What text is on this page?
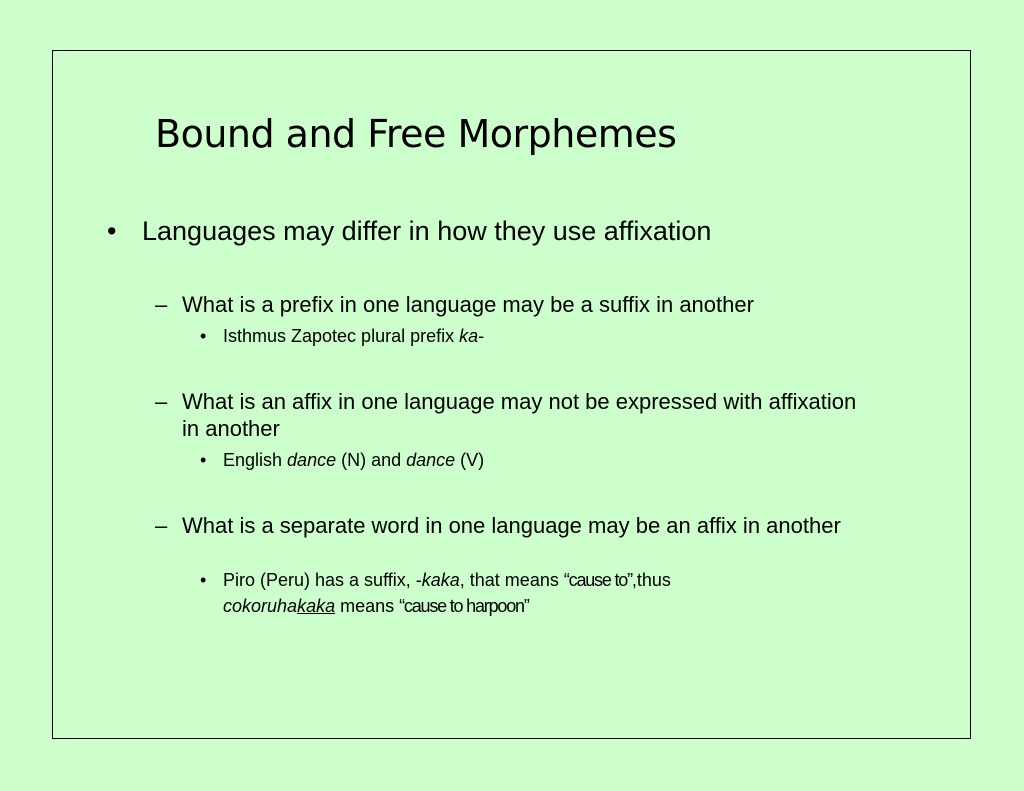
Bound and Free Morphemes
• Languages may differ in how they use affixation
– What is a prefix in one language may be a suffix in another
• Isthmus Zapotec plural prefix ka-
– What is an affix in one language may not be expressed with affixation in another
• English dance (N) and dance (V)
– What is a separate word in one language may be an affix in another
• Piro (Peru) has a suffix, -kaka, that means “cause to”,thus
cokoruhakaka means “cause to harpoon”
